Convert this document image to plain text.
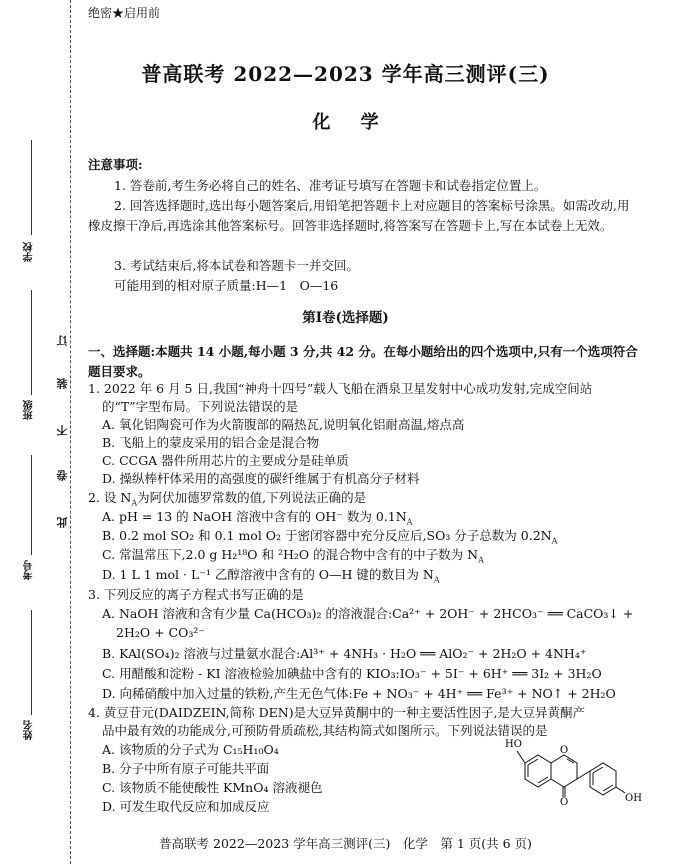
学校
班级
考号
姓名
订
装
不
卷
此
绝密★启用前
普高联考 2022—2023 学年高三测评(三)
化 学
注意事项:
1. 答卷前,考生务必将自己的姓名、准考证号填写在答题卡和试卷指定位置上。
2. 回答选择题时,选出每小题答案后,用铅笔把答题卡上对应题目的答案标号涂黑。如需改动,用橡皮擦干净后,再选涂其他答案标号。回答非选择题时,将答案写在答题卡上,写在本试卷上无效。
3. 考试结束后,将本试卷和答题卡一并交回。
可能用到的相对原子质量:H—1　O—16
第Ⅰ卷(选择题)
一、选择题:本题共 14 小题,每小题 3 分,共 42 分。在每小题给出的四个选项中,只有一个选项符合题目要求。
1. 2022 年 6 月 5 日,我国“神舟十四号”载人飞船在酒泉卫星发射中心成功发射,完成空间站
的“T”字型布局。下列说法错误的是
A. 氧化铝陶瓷可作为火箭腹部的隔热瓦,说明氧化铝耐高温,熔点高
B. 飞船上的蒙皮采用的铝合金是混合物
C. CCGA 器件所用芯片的主要成分是硅单质
D. 操纵棒杆体采用的高强度的碳纤维属于有机高分子材料
2. 设 $N_A$为阿伏加德罗常数的值,下列说法正确的是
A. pH = 13 的 NaOH 溶液中含有的 OH⁻ 数为 $0.1N_A$
B. 0.2 mol SO₂ 和 0.1 mol O₂ 于密闭容器中充分反应后,SO₃ 分子总数为 $0.2N_A$
C. 常温常压下,2.0 g H₂¹⁸O 和 ²H₂O 的混合物中含有的中子数为 $N_A$
D. 1 L 1 mol · L⁻¹ 乙醇溶液中含有的 O—H 键的数目为 $N_A$
3. 下列反应的离子方程式书写正确的是
A. NaOH 溶液和含有少量 Ca(HCO₃)₂ 的溶液混合:Ca²⁺ + 2OH⁻ + 2HCO₃⁻ ══ CaCO₃↓ +
2H₂O + CO₃²⁻
B. KAl(SO₄)₂ 溶液与过量氨水混合:Al³⁺ + 4NH₃ · H₂O ══ AlO₂⁻ + 2H₂O + 4NH₄⁺
C. 用醋酸和淀粉 - KI 溶液检验加碘盐中含有的 KIO₃:IO₃⁻ + 5I⁻ + 6H⁺ ══ 3I₂ + 3H₂O
D. 向稀硝酸中加入过量的铁粉,产生无色气体:Fe + NO₃⁻ + 4H⁺ ══ Fe³⁺ + NO↑ + 2H₂O
4. 黄豆苷元(DAIDZEIN,简称 DEN)是大豆异黄酮中的一种主要活性因子,是大豆异黄酮产
品中最有效的功能成分,可预防骨质疏松,其结构简式如图所示。下列说法错误的是
A. 该物质的分子式为 C₁₅H₁₀O₄
B. 分子中所有原子可能共平面
C. 该物质不能使酸性 KMnO₄ 溶液褪色
D. 可发生取代反应和加成反应
HO
O
O	OH
普高联考 2022—2023 学年高三测评(三)　化学　第 1 页(共 6 页)
